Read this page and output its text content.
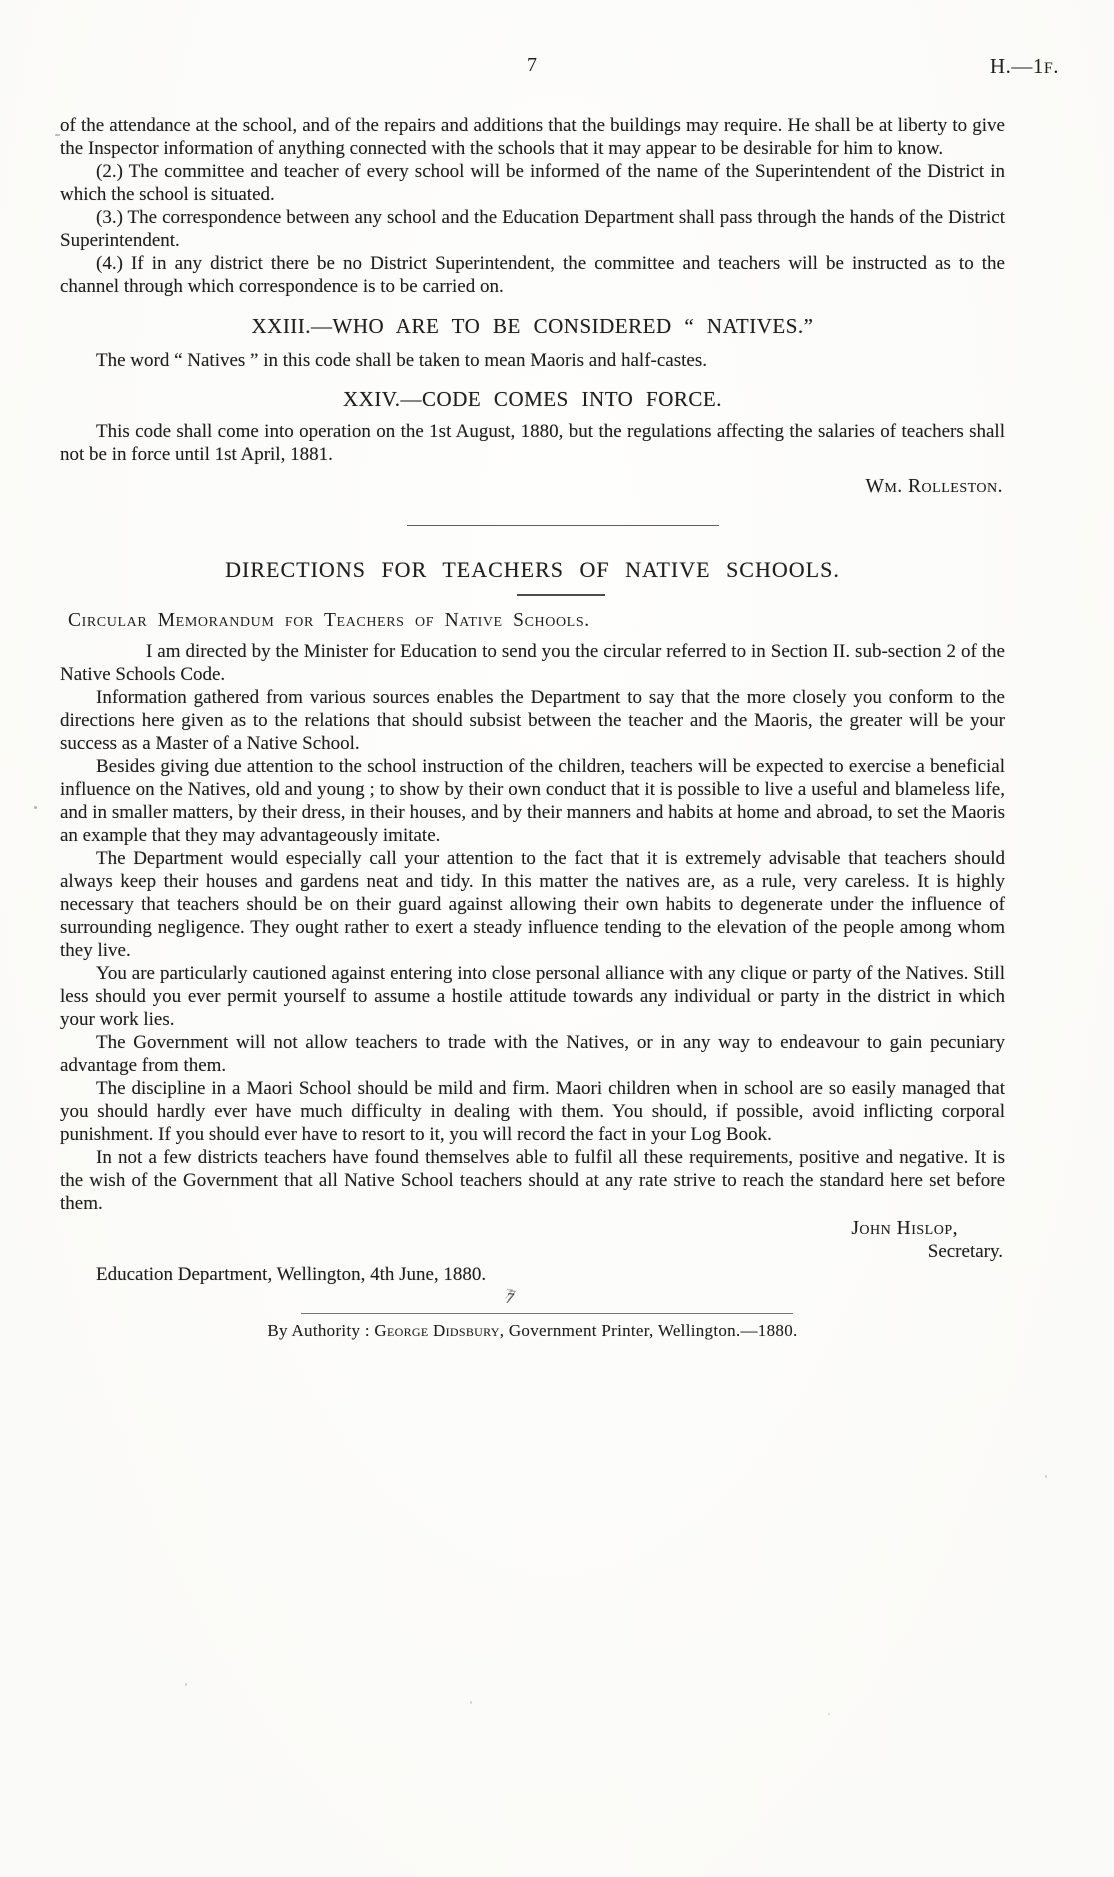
7	H.—1F.

of the attendance at the school, and of the repairs and additions that the buildings may require. He shall be at liberty to give the Inspector information of anything connected with the schools that it may appear to be desirable for him to know.

(2.) The committee and teacher of every school will be informed of the name of the Superintendent of the District in which the school is situated.

(3.) The correspondence between any school and the Education Department shall pass through the hands of the District Superintendent.

(4.) If in any district there be no District Superintendent, the committee and teachers will be instructed as to the channel through which correspondence is to be carried on.

XXIII.—WHO ARE TO BE CONSIDERED “ NATIVES.”

The word “ Natives ” in this code shall be taken to mean Maoris and half-castes.

XXIV.—CODE COMES INTO FORCE.

This code shall come into operation on the 1st August, 1880, but the regulations affecting the salaries of teachers shall not be in force until 1st April, 1881.

Wm. Rolleston.
DIRECTIONS FOR TEACHERS OF NATIVE SCHOOLS.
Circular Memorandum for Teachers of Native Schools.

I am directed by the Minister for Education to send you the circular referred to in Section II. sub-section 2 of the Native Schools Code.

Information gathered from various sources enables the Department to say that the more closely you conform to the directions here given as to the relations that should subsist between the teacher and the Maoris, the greater will be your success as a Master of a Native School.

Besides giving due attention to the school instruction of the children, teachers will be expected to exercise a beneficial influence on the Natives, old and young ; to show by their own conduct that it is possible to live a useful and blameless life, and in smaller matters, by their dress, in their houses, and by their manners and habits at home and abroad, to set the Maoris an example that they may advantageously imitate.

The Department would especially call your attention to the fact that it is extremely advisable that teachers should always keep their houses and gardens neat and tidy. In this matter the natives are, as a rule, very careless. It is highly necessary that teachers should be on their guard against allowing their own habits to degenerate under the influence of surrounding negligence. They ought rather to exert a steady influence tending to the elevation of the people among whom they live.

You are particularly cautioned against entering into close personal alliance with any clique or party of the Natives. Still less should you ever permit yourself to assume a hostile attitude towards any individual or party in the district in which your work lies.

The Government will not allow teachers to trade with the Natives, or in any way to endeavour to gain pecuniary advantage from them.

The discipline in a Maori School should be mild and firm. Maori children when in school are so easily managed that you should hardly ever have much difficulty in dealing with them. You should, if possible, avoid inflicting corporal punishment. If you should ever have to resort to it, you will record the fact in your Log Book.

In not a few districts teachers have found themselves able to fulfil all these requirements, positive and negative. It is the wish of the Government that all Native School teachers should at any rate strive to reach the standard here set before them.

John Hislop,
Secretary.

Education Department, Wellington, 4th June, 1880.

By Authority : George Didsbury, Government Printer, Wellington.—1880.
7
